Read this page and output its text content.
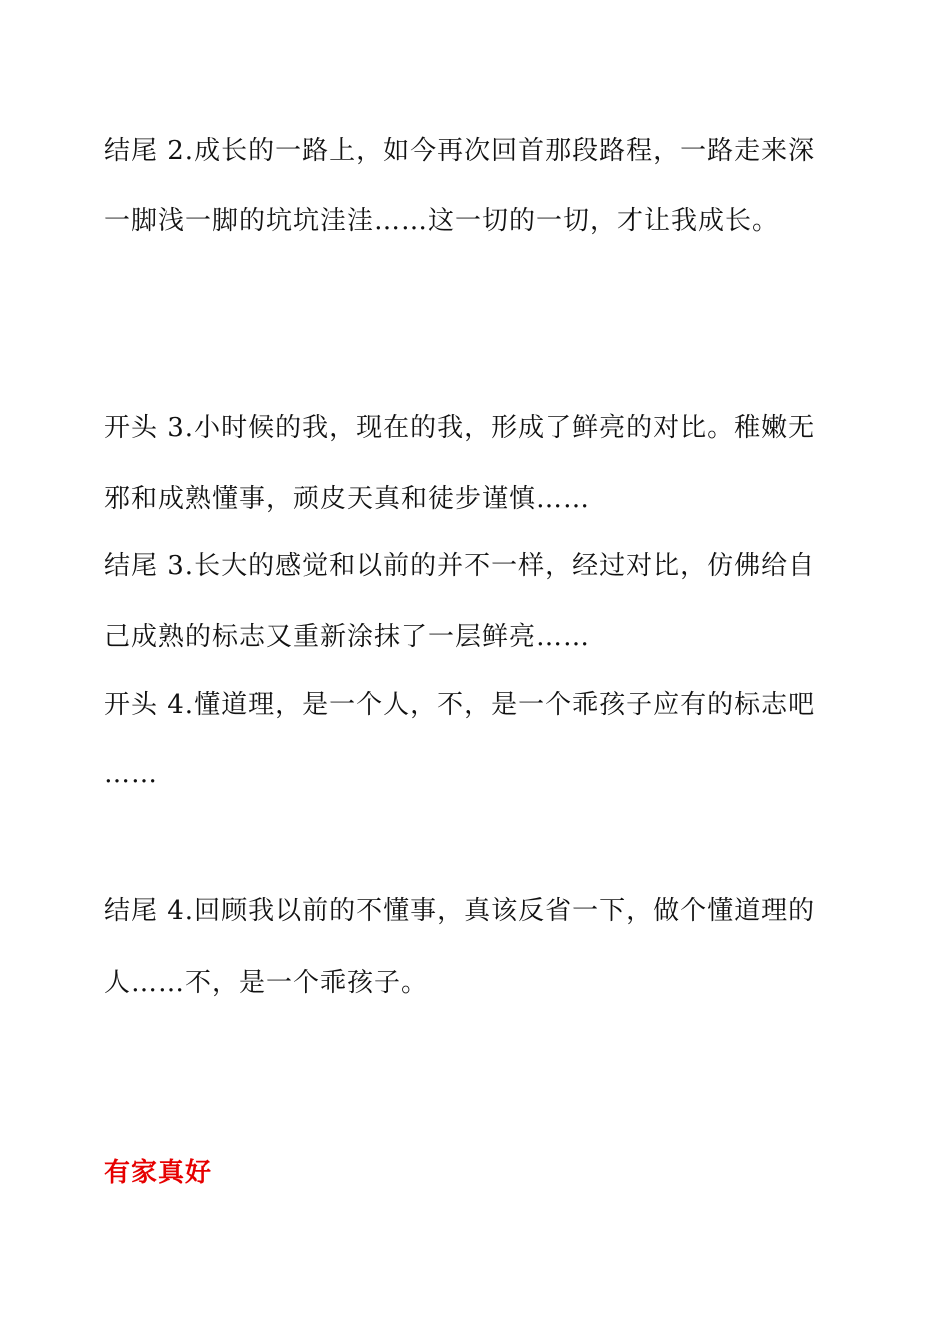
结尾 2.成长的一路上，如今再次回首那段路程，一路走来深
一脚浅一脚的坑坑洼洼……这一切的一切，才让我成长。
开头 3.小时候的我，现在的我，形成了鲜亮的对比。稚嫩无
邪和成熟懂事，顽皮天真和徒步谨慎……
结尾 3.长大的感觉和以前的并不一样，经过对比，仿佛给自
己成熟的标志又重新涂抹了一层鲜亮……
开头 4.懂道理，是一个人，不，是一个乖孩子应有的标志吧
……
结尾 4.回顾我以前的不懂事，真该反省一下，做个懂道理的
人……不，是一个乖孩子。
有家真好
